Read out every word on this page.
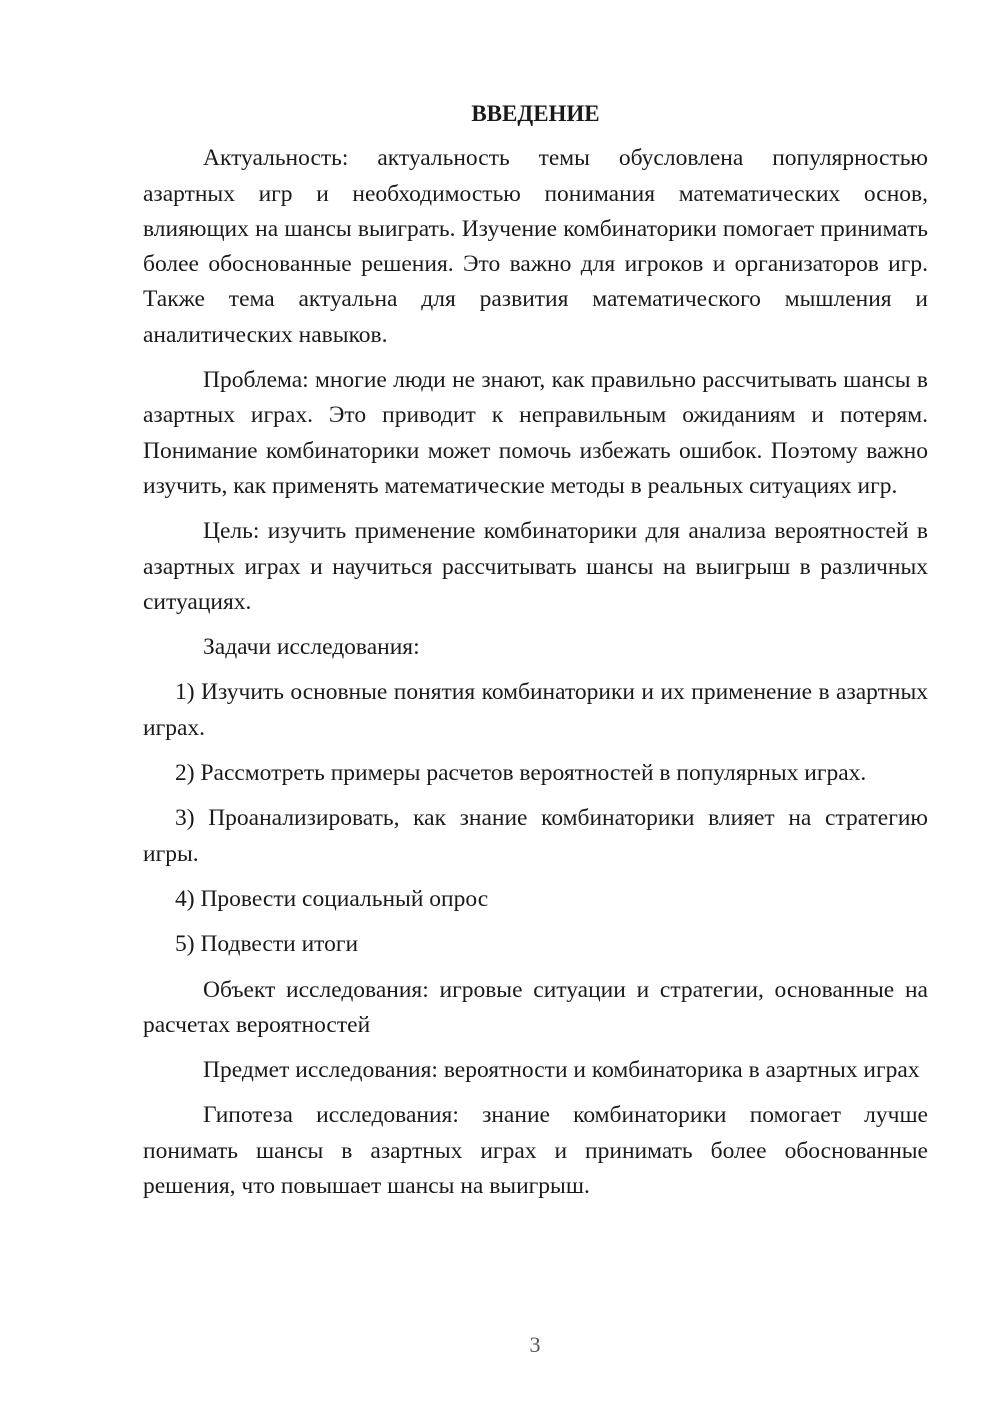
ВВЕДЕНИЕ

Актуальность: актуальность темы обусловлена популярностью азартных игр и необходимостью понимания математических основ, влияющих на шансы выиграть. Изучение комбинаторики помогает принимать более обоснованные решения. Это важно для игроков и организаторов игр. Также тема актуальна для развития математического мышления и аналитических навыков.

Проблема: многие люди не знают, как правильно рассчитывать шансы в азартных играх. Это приводит к неправильным ожиданиям и потерям. Понимание комбинаторики может помочь избежать ошибок. Поэтому важно изучить, как применять математические методы в реальных ситуациях игр.

Цель: изучить применение комбинаторики для анализа вероятностей в азартных играх и научиться рассчитывать шансы на выигрыш в различных ситуациях.

Задачи исследования:

1) Изучить основные понятия комбинаторики и их применение в азартных играх.

2) Рассмотреть примеры расчетов вероятностей в популярных играх.

3) Проанализировать, как знание комбинаторики влияет на стратегию игры.

4) Провести социальный опрос

5) Подвести итоги

Объект исследования: игровые ситуации и стратегии, основанные на расчетах вероятностей

Предмет исследования: вероятности и комбинаторика в азартных играх

Гипотеза исследования: знание комбинаторики помогает лучше понимать шансы в азартных играх и принимать более обоснованные решения, что повышает шансы на выигрыш.

3
